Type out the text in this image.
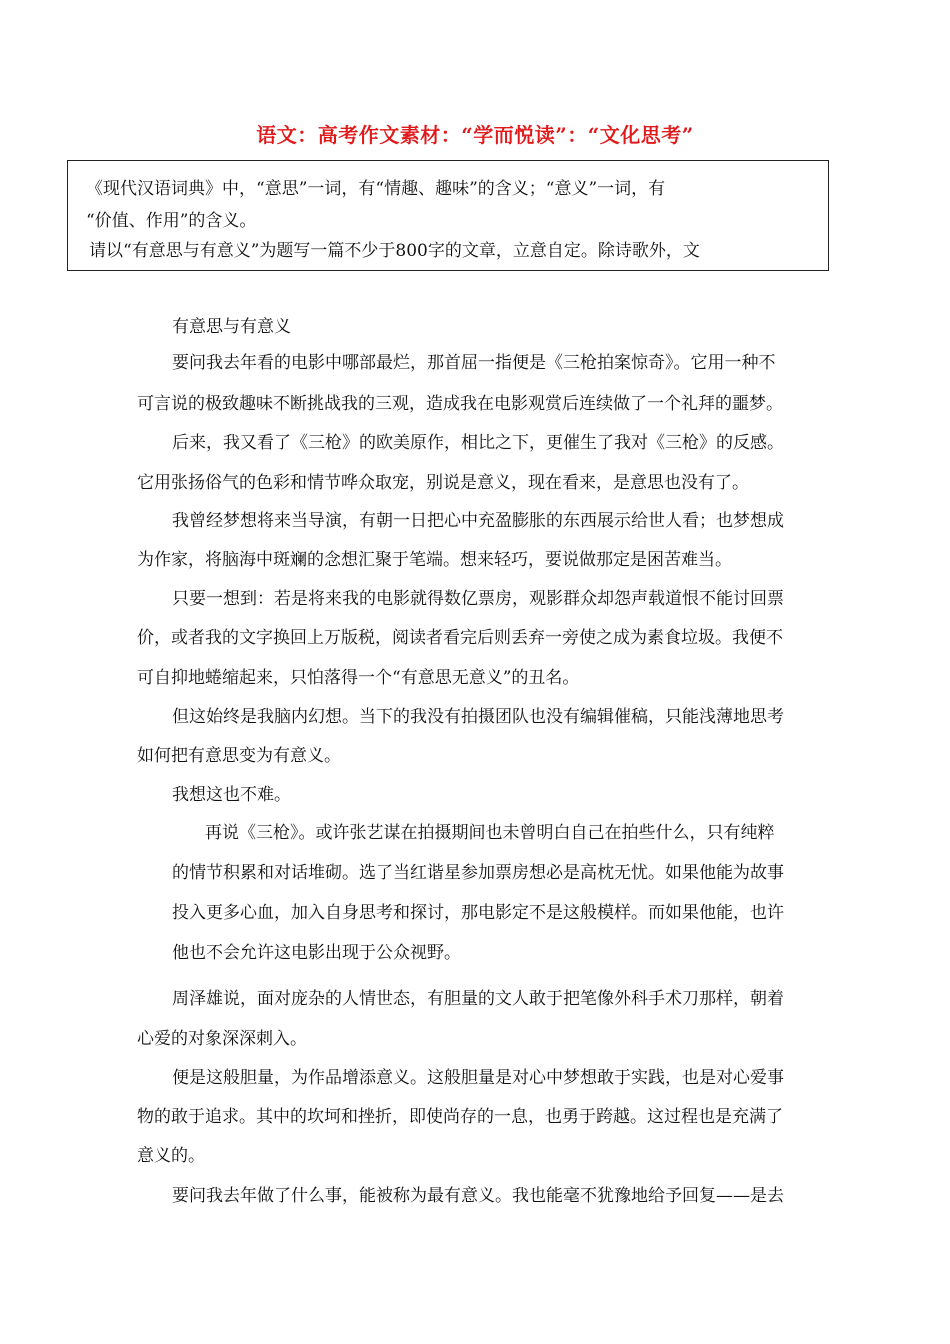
语文：高考作文素材：“学而悦读”：“文化思考”
《现代汉语词典》中，“意思”一词，有“情趣、趣味”的含义；“意义”一词，有
“价值、作用”的含义。
请以“有意思与有意义”为题写一篇不少于800字的文章，立意自定。除诗歌外，文
有意思与有意义
要问我去年看的电影中哪部最烂，那首屈一指便是《三枪拍案惊奇》。它用一种不
可言说的极致趣味不断挑战我的三观，造成我在电影观赏后连续做了一个礼拜的噩梦。
后来，我又看了《三枪》的欧美原作，相比之下，更催生了我对《三枪》的反感。
它用张扬俗气的色彩和情节哗众取宠，别说是意义，现在看来，是意思也没有了。
我曾经梦想将来当导演，有朝一日把心中充盈膨胀的东西展示给世人看；也梦想成
为作家，将脑海中斑斓的念想汇聚于笔端。想来轻巧，要说做那定是困苦难当。
只要一想到：若是将来我的电影就得数亿票房，观影群众却怨声载道恨不能讨回票
价，或者我的文字换回上万版税，阅读者看完后则丢弃一旁使之成为素食垃圾。我便不
可自抑地蜷缩起来，只怕落得一个“有意思无意义”的丑名。
但这始终是我脑内幻想。当下的我没有拍摄团队也没有编辑催稿，只能浅薄地思考
如何把有意思变为有意义。
我想这也不难。
再说《三枪》。或许张艺谋在拍摄期间也未曾明白自己在拍些什么，只有纯粹
的情节积累和对话堆砌。选了当红谐星参加票房想必是高枕无忧。如果他能为故事
投入更多心血，加入自身思考和探讨，那电影定不是这般模样。而如果他能，也许
他也不会允许这电影出现于公众视野。
周泽雄说，面对庞杂的人情世态，有胆量的文人敢于把笔像外科手术刀那样，朝着
心爱的对象深深刺入。
便是这般胆量，为作品增添意义。这般胆量是对心中梦想敢于实践，也是对心爱事
物的敢于追求。其中的坎坷和挫折，即使尚存的一息，也勇于跨越。这过程也是充满了
意义的。
要问我去年做了什么事，能被称为最有意义。我也能毫不犹豫地给予回复——是去
